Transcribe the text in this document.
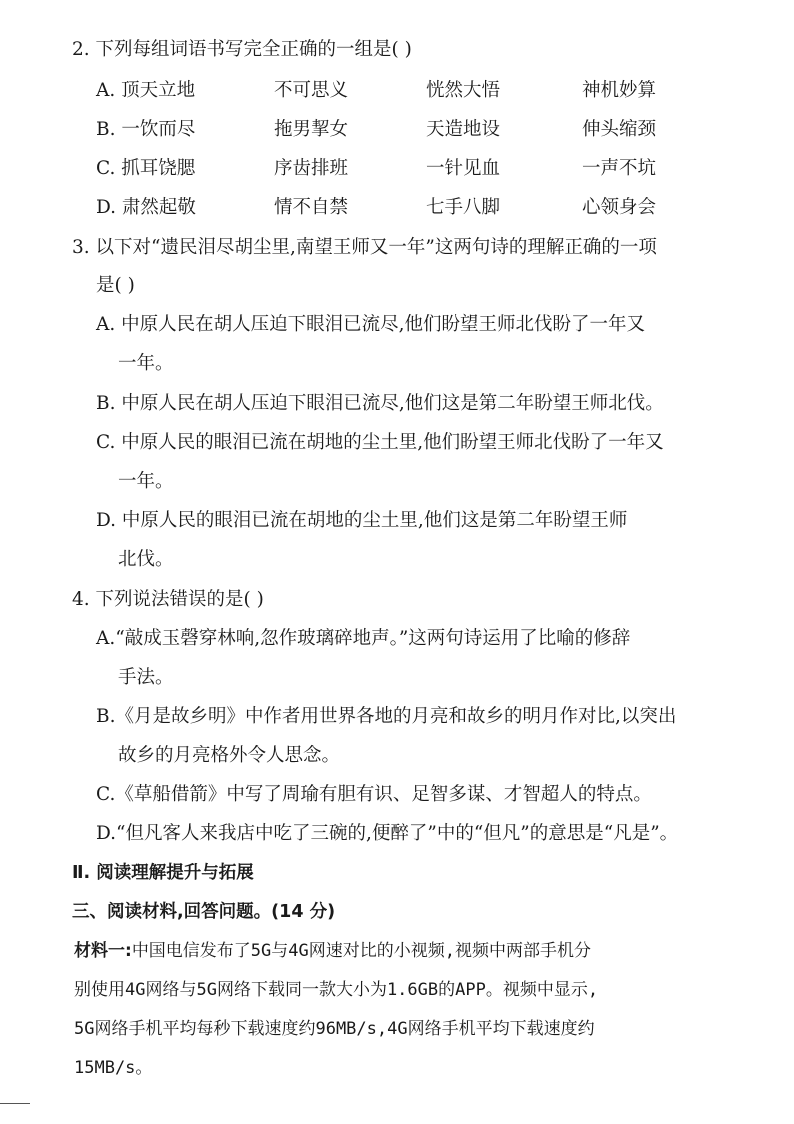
2. 下列每组词语书写完全正确的一组是( )
A. 顶天立地	不可思义	恍然大悟	神机妙算
B. 一饮而尽	拖男挈女	天造地设	伸头缩颈
C. 抓耳饶腮	序齿排班	一针见血	一声不坑
D. 肃然起敬	情不自禁	七手八脚	心领身会
3. 以下对“遗民泪尽胡尘里,南望王师又一年”这两句诗的理解正确的一项
是( )
A. 中原人民在胡人压迫下眼泪已流尽,他们盼望王师北伐盼了一年又
一年。
B. 中原人民在胡人压迫下眼泪已流尽,他们这是第二年盼望王师北伐。
C. 中原人民的眼泪已流在胡地的尘土里,他们盼望王师北伐盼了一年又
一年。
D. 中原人民的眼泪已流在胡地的尘土里,他们这是第二年盼望王师
北伐。
4. 下列说法错误的是( )
A.“敲成玉磬穿林响,忽作玻璃碎地声。”这两句诗运用了比喻的修辞
手法。
B.《月是故乡明》中作者用世界各地的月亮和故乡的明月作对比,以突出
故乡的月亮格外令人思念。
C.《草船借箭》中写了周瑜有胆有识、足智多谋、才智超人的特点。
D.“但凡客人来我店中吃了三碗的,便醉了”中的“但凡”的意思是“凡是”。
Ⅱ. 阅读理解提升与拓展
三、阅读材料,回答问题。(14 分)
材料一:中国电信发布了5G与4G网速对比的小视频,视频中两部手机分
别使用4G网络与5G网络下载同一款大小为1.6GB的APP。视频中显示,
5G网络手机平均每秒下载速度约96MB/s,4G网络手机平均下载速度约
15MB/s。
